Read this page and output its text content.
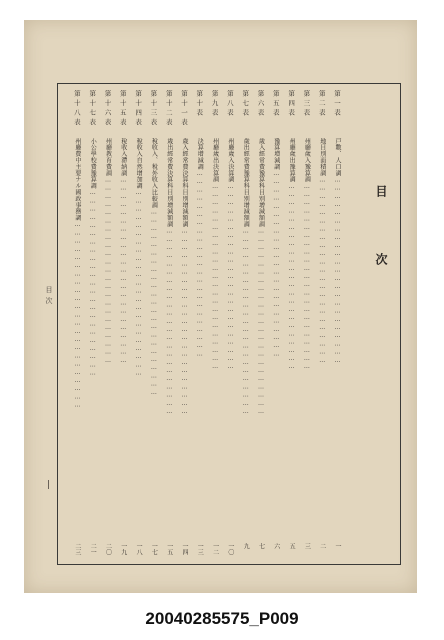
目　次
目次
第一表
戸數、人口調……………………………………………………………
一
第二表
地目別面積調……………………………………………………………
二
第三表
州廳歲入豫算調……………………………………………………………
三
第四表
州廳歲出豫算調……………………………………………………………
五
第五表
豫算增減調……………………………………………………………
六
第六表
歲入經常費豫算科目別增減額調……………………………………………………………
七
第七表
歲出經常費豫算科目別增減額調……………………………………………………………
九
第八表
州廳歲入決算調……………………………………………………………
一〇
第九表
州廳歲出決算調……………………………………………………………
一二
第十表
決算增減調……………………………………………………………
一三
第十一表
歲入經常費決算科目別增減額調……………………………………………………………
一四
第十二表
歲出經常費決算科目別增減額調……………………………………………………………
一五
第十三表
稅收入、稅外收入比較調……………………………………………………………
一七
第十四表
稅收入自然增加調……………………………………………………………
一八
第十五表
稅收入滯納調……………………………………………………………
一九
第十六表
州廳教育費調……………………………………………………………
二〇
第十七表
小公學校費豫算調……………………………………………………………
二一
第十八表
州廳費中主要ナル國政事務調……………………………………………………………
二三
20040285575_P009
